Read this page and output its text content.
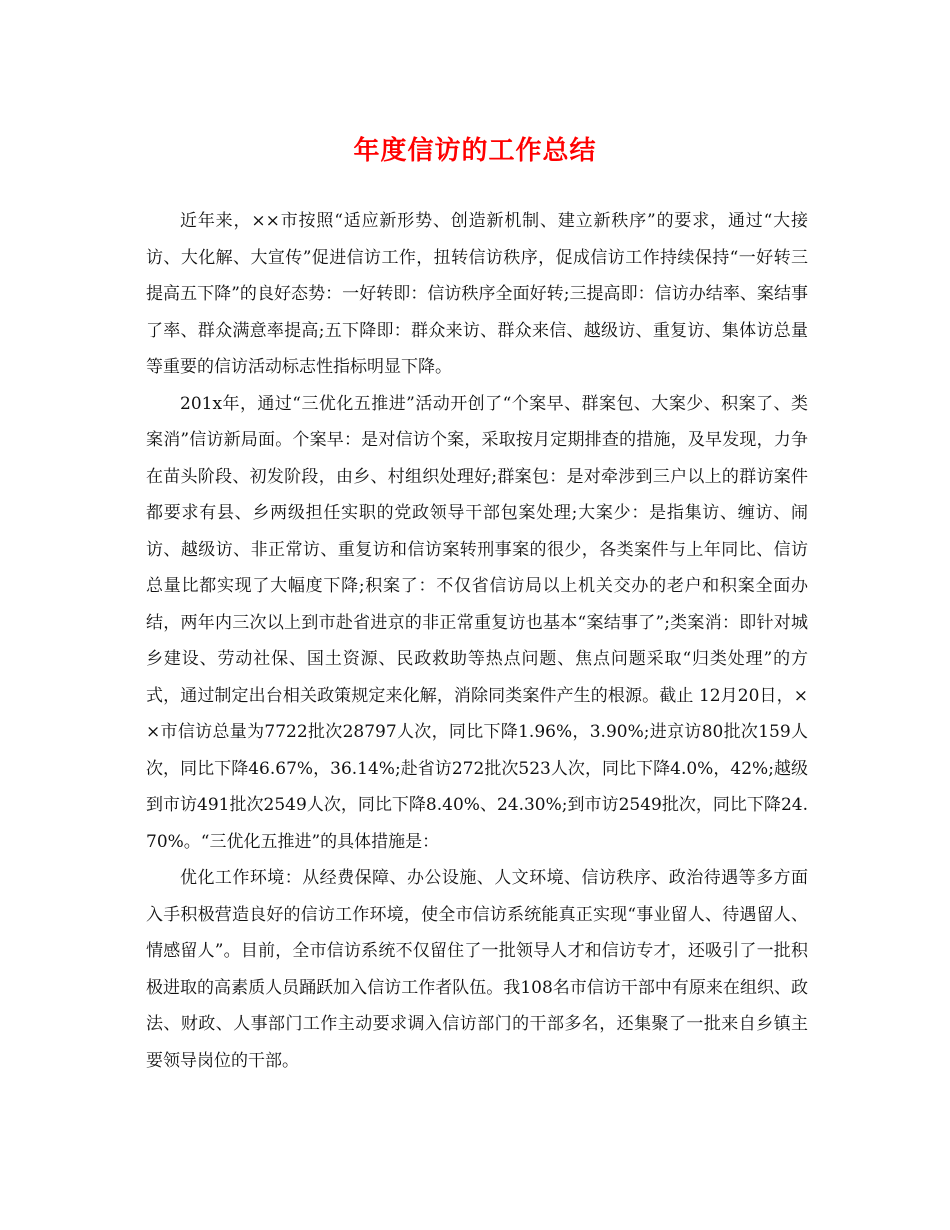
年度信访的工作总结

近年来，××市按照“适应新形势、创造新机制、建立新秩序”的要求，通过“大接访、大化解、大宣传”促进信访工作，扭转信访秩序，促成信访工作持续保持“一好转三提高五下降”的良好态势：一好转即：信访秩序全面好转;三提高即：信访办结率、案结事了率、群众满意率提高;五下降即：群众来访、群众来信、越级访、重复访、集体访总量等重要的信访活动标志性指标明显下降。

201x年，通过“三优化五推进”活动开创了“个案早、群案包、大案少、积案了、类案消”信访新局面。个案早：是对信访个案，采取按月定期排查的措施，及早发现，力争在苗头阶段、初发阶段，由乡、村组织处理好;群案包：是对牵涉到三户以上的群访案件都要求有县、乡两级担任实职的党政领导干部包案处理;大案少：是指集访、缠访、闹访、越级访、非正常访、重复访和信访案转刑事案的很少，各类案件与上年同比、信访总量比都实现了大幅度下降;积案了：不仅省信访局以上机关交办的老户和积案全面办结，两年内三次以上到市赴省进京的非正常重复访也基本“案结事了”;类案消：即针对城乡建设、劳动社保、国土资源、民政救助等热点问题、焦点问题采取“归类处理”的方式，通过制定出台相关政策规定来化解，消除同类案件产生的根源。截止 12月20日，××市信访总量为7722批次28797人次，同比下降1.96%，3.90%;进京访80批次159人次，同比下降46.67%，36.14%;赴省访272批次523人次，同比下降4.0%，42%;越级到市访491批次2549人次，同比下降8.40%、24.30%;到市访2549批次，同比下降24.70%。“三优化五推进”的具体措施是：

优化工作环境：从经费保障、办公设施、人文环境、信访秩序、政治待遇等多方面入手积极营造良好的信访工作环境，使全市信访系统能真正实现“事业留人、待遇留人、情感留人”。目前，全市信访系统不仅留住了一批领导人才和信访专才，还吸引了一批积极进取的高素质人员踊跃加入信访工作者队伍。我108名市信访干部中有原来在组织、政法、财政、人事部门工作主动要求调入信访部门的干部多名，还集聚了一批来自乡镇主要领导岗位的干部。
